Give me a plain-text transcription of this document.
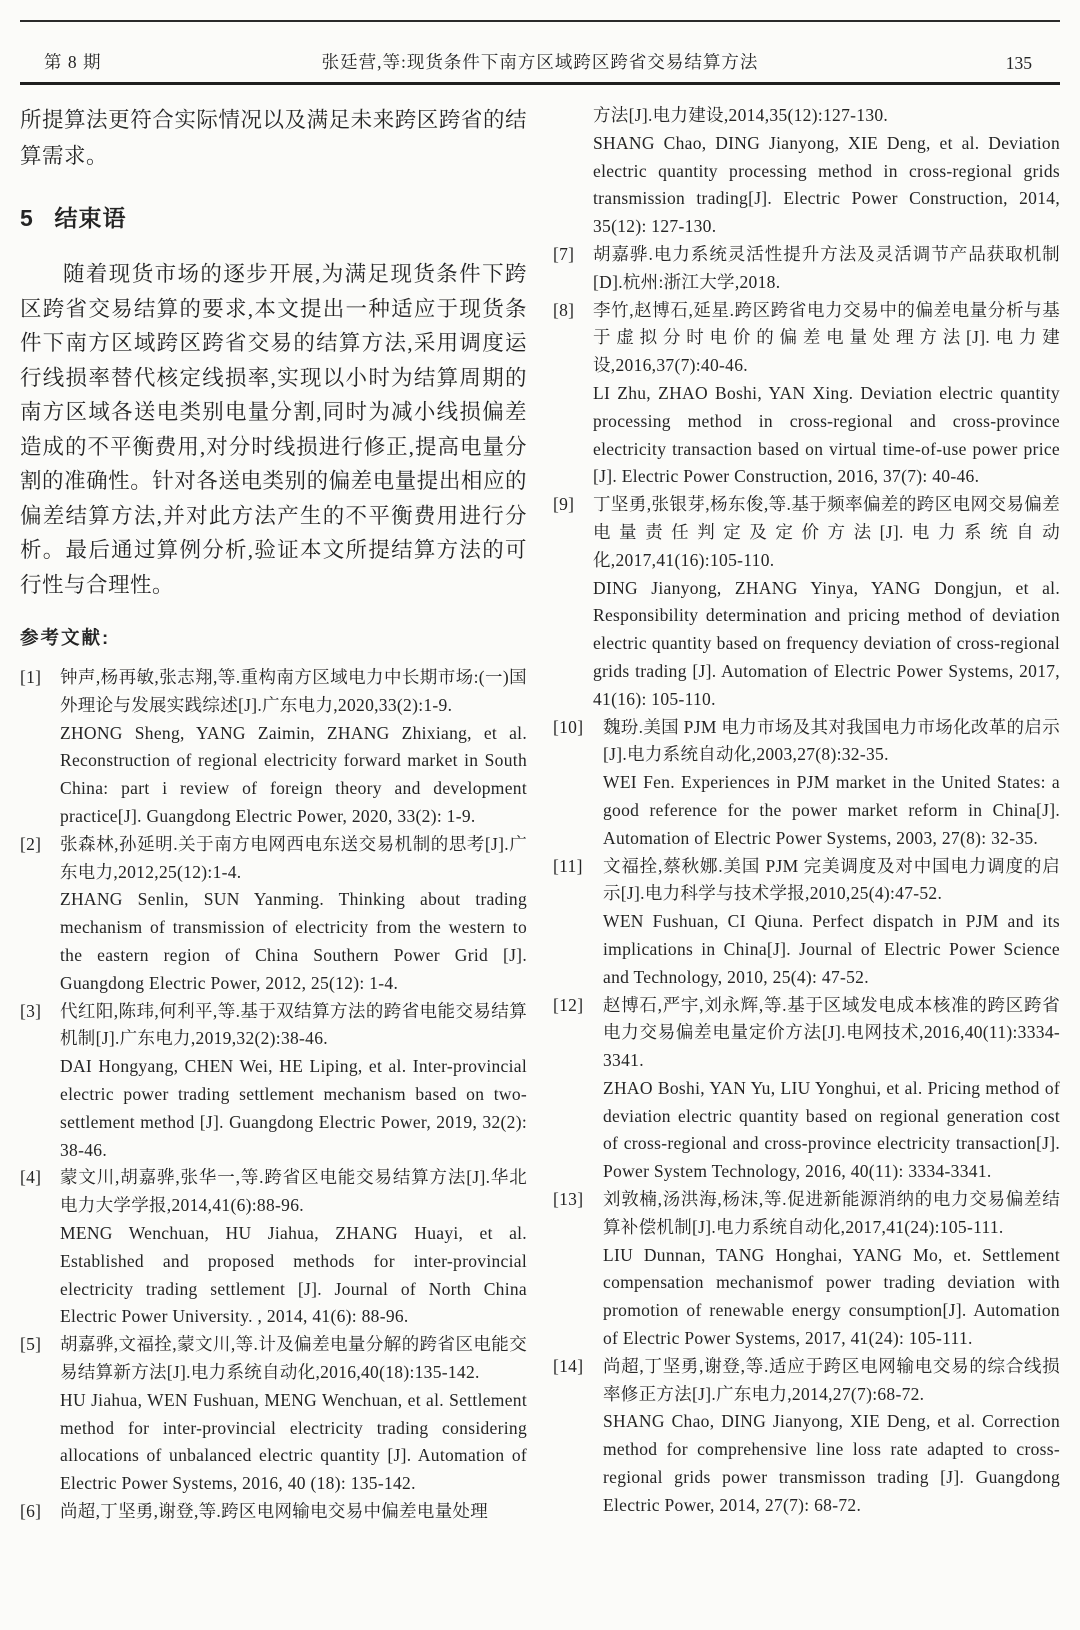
第 8 期	张廷营,等:现货条件下南方区域跨区跨省交易结算方法	135

所提算法更符合实际情况以及满足未来跨区跨省的结算需求。

5 结束语

随着现货市场的逐步开展,为满足现货条件下跨区跨省交易结算的要求,本文提出一种适应于现货条件下南方区域跨区跨省交易的结算方法,采用调度运行线损率替代核定线损率,实现以小时为结算周期的南方区域各送电类别电量分割,同时为减小线损偏差造成的不平衡费用,对分时线损进行修正,提高电量分割的准确性。针对各送电类别的偏差电量提出相应的偏差结算方法,并对此方法产生的不平衡费用进行分析。最后通过算例分析,验证本文所提结算方法的可行性与合理性。

参考文献:
[1] 钟声,杨再敏,张志翔,等.重构南方区域电力中长期市场:(一)国外理论与发展实践综述[J].广东电力,2020,33(2):1-9.

ZHONG Sheng, YANG Zaimin, ZHANG Zhixiang, et al. Reconstruction of regional electricity forward market in South China: part i review of foreign theory and development practice[J]. Guangdong Electric Power, 2020, 33(2): 1-9.

[2] 张森林,孙延明.关于南方电网西电东送交易机制的思考[J].广东电力,2012,25(12):1-4.

ZHANG Senlin, SUN Yanming. Thinking about trading mechanism of transmission of electricity from the western to the eastern region of China Southern Power Grid [J]. Guangdong Electric Power, 2012, 25(12): 1-4.

[3] 代红阳,陈玮,何利平,等.基于双结算方法的跨省电能交易结算机制[J].广东电力,2019,32(2):38-46.

DAI Hongyang, CHEN Wei, HE Liping, et al. Inter-provincial electric power trading settlement mechanism based on two-settlement method [J]. Guangdong Electric Power, 2019, 32(2): 38-46.

[4] 蒙文川,胡嘉骅,张华一,等.跨省区电能交易结算方法[J].华北电力大学学报,2014,41(6):88-96.

MENG Wenchuan, HU Jiahua, ZHANG Huayi, et al. Established and proposed methods for inter-provincial electricity trading settlement [J]. Journal of North China Electric Power University. , 2014, 41(6): 88-96.

[5] 胡嘉骅,文福拴,蒙文川,等.计及偏差电量分解的跨省区电能交易结算新方法[J].电力系统自动化,2016,40(18):135-142.

HU Jiahua, WEN Fushuan, MENG Wenchuan, et al. Settlement method for inter-provincial electricity trading considering allocations of unbalanced electric quantity [J]. Automation of Electric Power Systems, 2016, 40 (18): 135-142.

[6] 尚超,丁坚勇,谢登,等.跨区电网输电交易中偏差电量处理

方法[J].电力建设,2014,35(12):127-130.

SHANG Chao, DING Jianyong, XIE Deng, et al. Deviation electric quantity processing method in cross-regional grids transmission trading[J]. Electric Power Construction, 2014, 35(12): 127-130.

[7] 胡嘉骅.电力系统灵活性提升方法及灵活调节产品获取机制[D].杭州:浙江大学,2018.

[8] 李竹,赵博石,延星.跨区跨省电力交易中的偏差电量分析与基于虚拟分时电价的偏差电量处理方法[J].电力建设,2016,37(7):40-46.

LI Zhu, ZHAO Boshi, YAN Xing. Deviation electric quantity processing method in cross-regional and cross-province electricity transaction based on virtual time-of-use power price [J]. Electric Power Construction, 2016, 37(7): 40-46.

[9] 丁坚勇,张银芽,杨东俊,等.基于频率偏差的跨区电网交易偏差电量责任判定及定价方法[J].电力系统自动化,2017,41(16):105-110.

DING Jianyong, ZHANG Yinya, YANG Dongjun, et al. Responsibility determination and pricing method of deviation electric quantity based on frequency deviation of cross-regional grids trading [J]. Automation of Electric Power Systems, 2017, 41(16): 105-110.

[10] 魏玢.美国 PJM 电力市场及其对我国电力市场化改革的启示[J].电力系统自动化,2003,27(8):32-35.

WEI Fen. Experiences in PJM market in the United States: a good reference for the power market reform in China[J]. Automation of Electric Power Systems, 2003, 27(8): 32-35.

[11] 文福拴,蔡秋娜.美国 PJM 完美调度及对中国电力调度的启示[J].电力科学与技术学报,2010,25(4):47-52.

WEN Fushuan, CI Qiuna. Perfect dispatch in PJM and its implications in China[J]. Journal of Electric Power Science and Technology, 2010, 25(4): 47-52.

[12] 赵博石,严宇,刘永辉,等.基于区域发电成本核准的跨区跨省电力交易偏差电量定价方法[J].电网技术,2016,40(11):3334-3341.

ZHAO Boshi, YAN Yu, LIU Yonghui, et al. Pricing method of deviation electric quantity based on regional generation cost of cross-regional and cross-province electricity transaction[J]. Power System Technology, 2016, 40(11): 3334-3341.

[13] 刘敦楠,汤洪海,杨沫,等.促进新能源消纳的电力交易偏差结算补偿机制[J].电力系统自动化,2017,41(24):105-111.

LIU Dunnan, TANG Honghai, YANG Mo, et. Settlement compensation mechanismof power trading deviation with promotion of renewable energy consumption[J]. Automation of Electric Power Systems, 2017, 41(24): 105-111.

[14] 尚超,丁坚勇,谢登,等.适应于跨区电网输电交易的综合线损率修正方法[J].广东电力,2014,27(7):68-72.

SHANG Chao, DING Jianyong, XIE Deng, et al. Correction method for comprehensive line loss rate adapted to cross-regional grids power transmisson trading [J]. Guangdong Electric Power, 2014, 27(7): 68-72.
